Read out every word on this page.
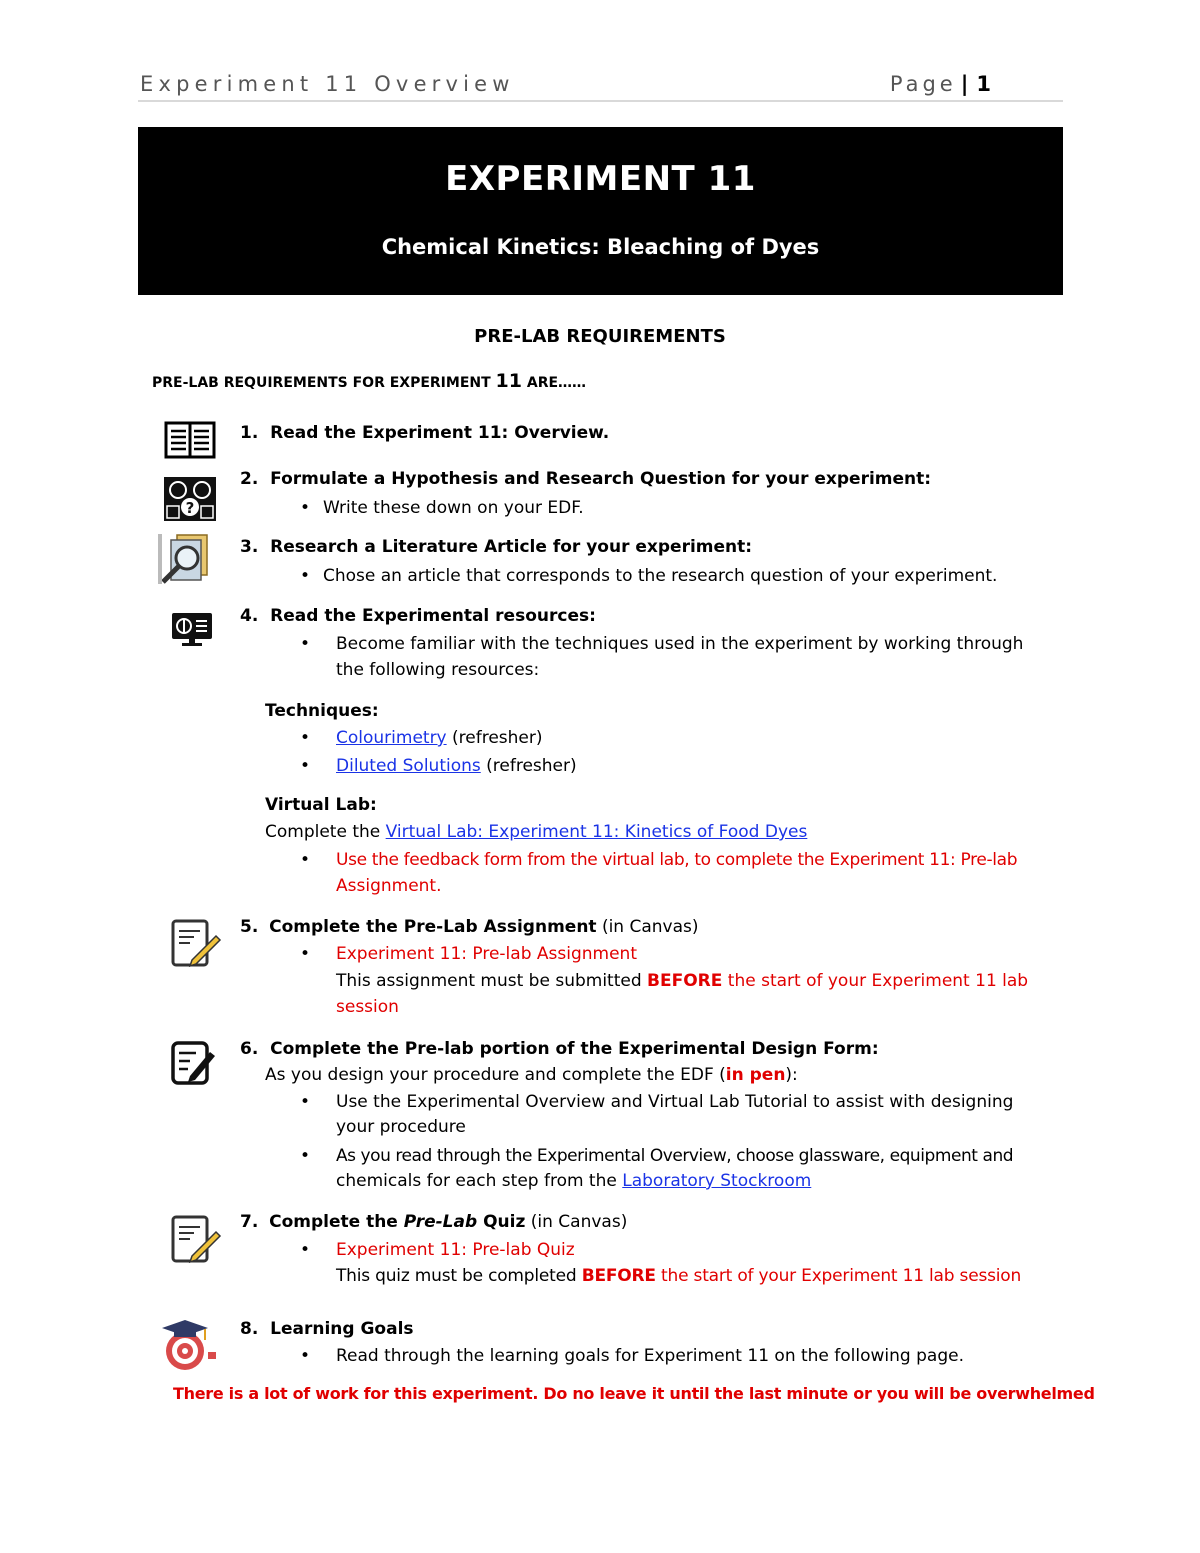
Experiment 11 Overview	Page | 1
EXPERIMENT 11
Chemical Kinetics: Bleaching of Dyes
PRE-LAB REQUIREMENTS
PRE-LAB REQUIREMENTS FOR EXPERIMENT 11 ARE……
?
1. Read the Experiment 11: Overview.
2. Formulate a Hypothesis and Research Question for your experiment:
• Write these down on your EDF.
3. Research a Literature Article for your experiment:
• Chose an article that corresponds to the research question of your experiment.
4. Read the Experimental resources:
• Become familiar with the techniques used in the experiment by working through
the following resources:
Techniques:
• Colourimetry (refresher)
• Diluted Solutions (refresher)
Virtual Lab:
Complete the Virtual Lab: Experiment 11: Kinetics of Food Dyes
• Use the feedback form from the virtual lab, to complete the Experiment 11: Pre-lab
Assignment.
5. Complete the Pre-Lab Assignment (in Canvas)
• Experiment 11: Pre-lab Assignment
This assignment must be submitted BEFORE the start of your Experiment 11 lab
session
6. Complete the Pre-lab portion of the Experimental Design Form:
As you design your procedure and complete the EDF (in pen):
• Use the Experimental Overview and Virtual Lab Tutorial to assist with designing
your procedure
• As you read through the Experimental Overview, choose glassware, equipment and
chemicals for each step from the Laboratory Stockroom
7. Complete the Pre-Lab Quiz (in Canvas)
• Experiment 11: Pre-lab Quiz
This quiz must be completed BEFORE the start of your Experiment 11 lab session
8. Learning Goals
• Read through the learning goals for Experiment 11 on the following page.
There is a lot of work for this experiment. Do no leave it until the last minute or you will be overwhelmed
